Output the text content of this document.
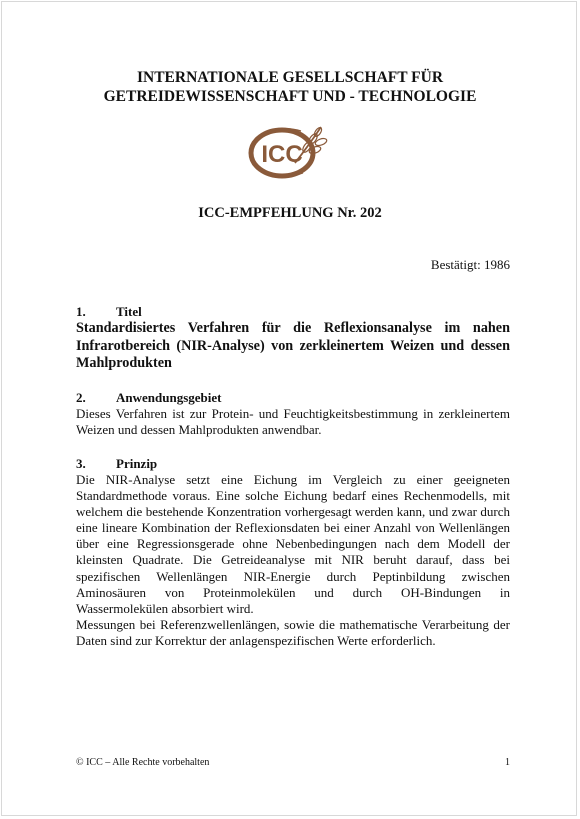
INTERNATIONALE GESELLSCHAFT FÜR
GETREIDEWISSENSCHAFT UND - TECHNOLOGIE
ICC
ICC-EMPFEHLUNG Nr. 202
Bestätigt: 1986
1. Titel
Standardisiertes Verfahren für die Reflexionsanalyse im nahen Infrarotbereich (NIR-Analyse) von zerkleinertem Weizen und dessen Mahlprodukten
2. Anwendungsgebiet
Dieses Verfahren ist zur Protein- und Feuchtigkeitsbestimmung in zerkleinertem Weizen und dessen Mahlprodukten anwendbar.
3. Prinzip
Die NIR-Analyse setzt eine Eichung im Vergleich zu einer geeigneten Standardmethode voraus. Eine solche Eichung bedarf eines Rechenmodells, mit welchem die bestehende Konzentration vorhergesagt werden kann, und zwar durch eine lineare Kombination der Reflexionsdaten bei einer Anzahl von Wellenlängen über eine Regressionsgerade ohne Nebenbedingungen nach dem Modell der kleinsten Quadrate. Die Getreideanalyse mit NIR beruht darauf, dass bei spezifischen Wellenlängen NIR-Energie durch Peptinbildung zwischen Aminosäuren von Proteinmolekülen und durch OH-Bindungen in Wassermolekülen absorbiert wird.
Messungen bei Referenzwellenlängen, sowie die mathematische Verarbeitung der Daten sind zur Korrektur der anlagenspezifischen Werte erforderlich.
© ICC – Alle Rechte vorbehalten	1
